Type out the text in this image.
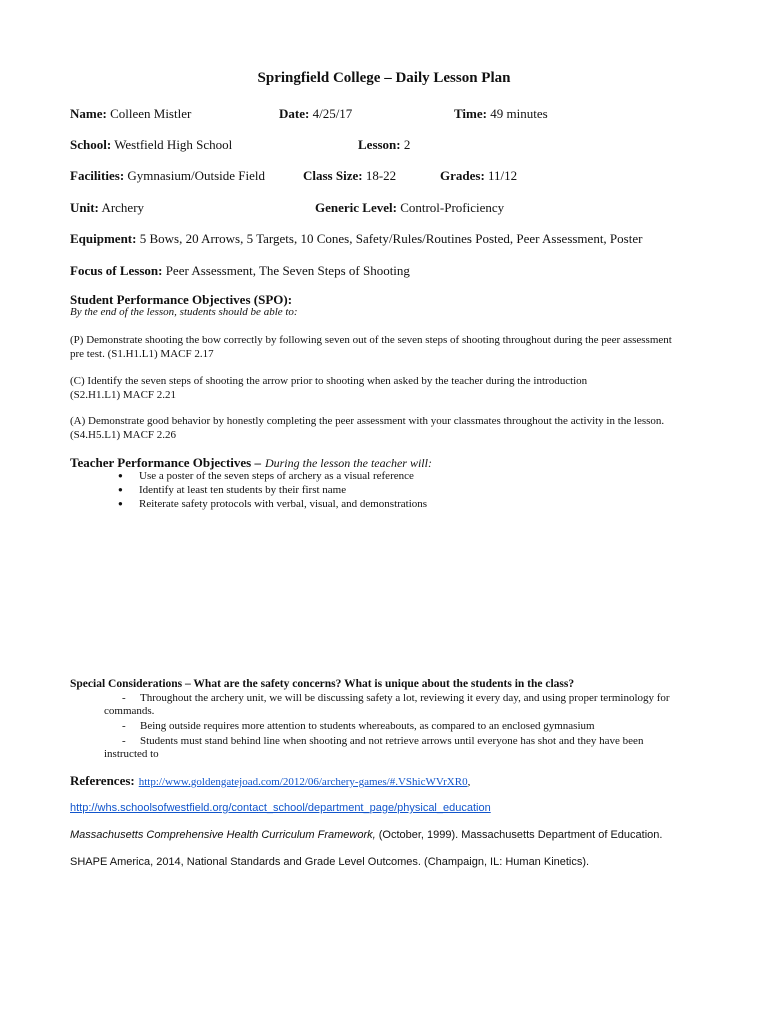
Springfield College – Daily Lesson Plan
Name: Colleen Mistler	Date: 4/25/17	Time: 49 minutes
School: Westfield High School	Lesson: 2
Facilities: Gymnasium/Outside Field	Class Size: 18-22	Grades: 11/12
Unit: Archery	Generic Level: Control-Proficiency
Equipment: 5 Bows, 20 Arrows, 5 Targets, 10 Cones, Safety/Rules/Routines Posted, Peer Assessment, Poster
Focus of Lesson: Peer Assessment, The Seven Steps of Shooting
Student Performance Objectives (SPO):
By the end of the lesson, students should be able to:
(P) Demonstrate shooting the bow correctly by following seven out of the seven steps of shooting throughout during the peer assessment pre test. (S1.H1.L1) MACF 2.17
(C) Identify the seven steps of shooting the arrow prior to shooting when asked by the teacher during the introduction (S2.H1.L1) MACF 2.21
(A) Demonstrate good behavior by honestly completing the peer assessment with your classmates throughout the activity in the lesson. (S4.H5.L1) MACF 2.26
Teacher Performance Objectives – During the lesson the teacher will:
● Use a poster of the seven steps of archery as a visual reference
● Identify at least ten students by their first name
● Reiterate safety protocols with verbal, visual, and demonstrations
Special Considerations – What are the safety concerns? What is unique about the students in the class?
-	Throughout the archery unit, we will be discussing safety a lot, reviewing it every day, and using proper terminology for commands.
-	Being outside requires more attention to students whereabouts, as compared to an enclosed gymnasium
-	Students must stand behind line when shooting and not retrieve arrows until everyone has shot and they have been instructed to
References: http://www.goldengatejoad.com/2012/06/archery-games/#.VShicWVrXR0,
http://whs.schoolsofwestfield.org/contact_school/department_page/physical_education
Massachusetts Comprehensive Health Curriculum Framework, (October, 1999). Massachusetts Department of Education.
SHAPE America, 2014, National Standards and Grade Level Outcomes. (Champaign, IL: Human Kinetics).
